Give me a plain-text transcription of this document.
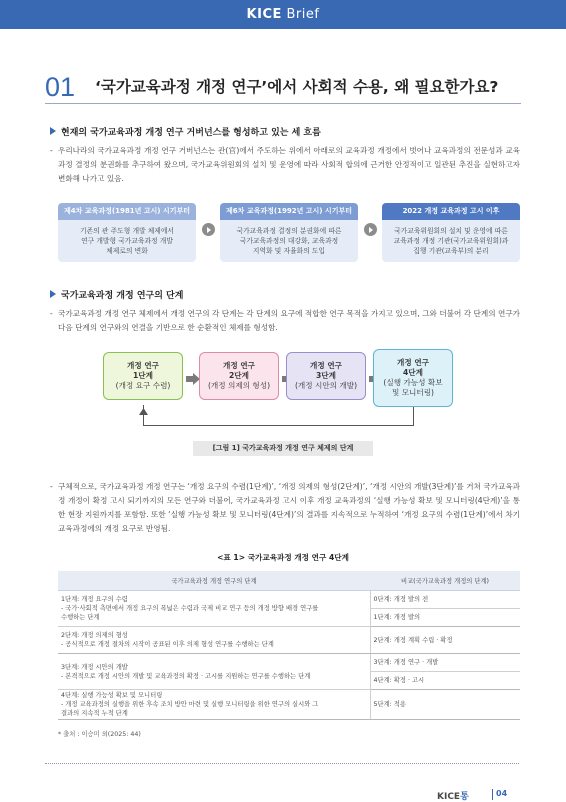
KICE Brief
01 ‘국가교육과정 개정 연구’에서 사회적 수용, 왜 필요한가요?
현재의 국가교육과정 개정 연구 거버넌스를 형성하고 있는 세 흐름
- 우리나라의 국가교육과정 개정 연구 거버넌스는 관(官)에서 주도하는 위에서 아래로의 교육과정 개정에서 벗어나 교육과정의 전문성과 교육과정 결정의 분권화를 추구하여 왔으며, 국가교육위원회의 설치 및 운영에 따라 사회적 합의에 근거한 안정적이고 일관된 추진을 실현하고자 변화해 나가고 있음.
제4차 교육과정(1981년 고시) 시기부터
기존의 관 주도형 개발 체제에서
연구 개발형 국가교육과정 개발
체제로의 변화
제6차 교육과정(1992년 고시) 시기부터
국가교육과정 결정의 분권화에 따른
국가교육과정의 대강화, 교육과정
지역화 및 자율화의 도입
2022 개정 교육과정 고시 이후
국가교육위원회의 설치 및 운영에 따른
교육과정 개정 기관(국가교육위원회)과
집행 기관(교육부)의 분리
국가교육과정 개정 연구의 단계
- 국가교육과정 개정 연구 체제에서 개정 연구의 각 단계는 각 단계의 요구에 적합한 연구 목적을 가지고 있으며, 그와 더불어 각 단계의 연구가 다음 단계의 연구와의 연결을 기반으로 한 순환적인 체제를 형성함.
개정 연구
1단계
(개정 요구 수렴)
개정 연구
2단계
(개정 의제의 형성)
개정 연구
3단계
(개정 시안의 개발)
개정 연구
4단계
(실행 가능성 확보
및 모니터링)
[그림 1] 국가교육과정 개정 연구 체제의 단계
- 구체적으로, 국가교육과정 개정 연구는 ‘개정 요구의 수렴(1단계)’, ‘개정 의제의 형성(2단계)’, ‘개정 시안의 개발(3단계)’를 거쳐 국가교육과정 개정이 확정 고시 되기까지의 모든 연구와 더불어, 국가교육과정 고시 이후 개정 교육과정의 ‘실행 가능성 확보 및 모니터링(4단계)’을 통한 현장 지원까지를 포함함. 또한 ‘실행 가능성 확보 및 모니터링(4단계)’의 결과를 지속적으로 누적하여 ‘개정 요구의 수렴(1단계)’에서 차기 교육과정에의 개정 요구로 반영됨.
<표 1> 국가교육과정 개정 연구 4단계
국가교육과정 개정 연구의 단계	비교(국가교육과정 개정의 단계)

1단계: 개정 요구의 수렴
- 국가·사회적 측면에서 개정 요구의 폭넓은 수렴과 국제 비교 연구 등의 개정 방향 배경 연구를
수행하는 단계	0단계: 개정 발의 전
	1단계: 개정 발의

2단계: 개정 의제의 형성
- 공식적으로 개정 절차의 시작이 공표된 이후 의제 형성 연구를 수행하는 단계	2단계: 개정 계획 수립 · 확정

3단계: 개정 시안의 개발
- 본격적으로 개정 시안의 개발 및 교육과정의 확정 · 고시를 지원하는 연구를 수행하는 단계	3단계: 개정 연구 · 개발
	4단계: 확정 · 고시

4단계: 실행 가능성 확보 및 모니터링
- 개정 교육과정의 실행을 위한 후속 조치 방안 마련 및 실행 모니터링을 위한 연구의 실시와 그
결과의 지속적 누적 단계	5단계: 적용
* 출처 : 이승미 외(2025: 44)
KICE통	04
